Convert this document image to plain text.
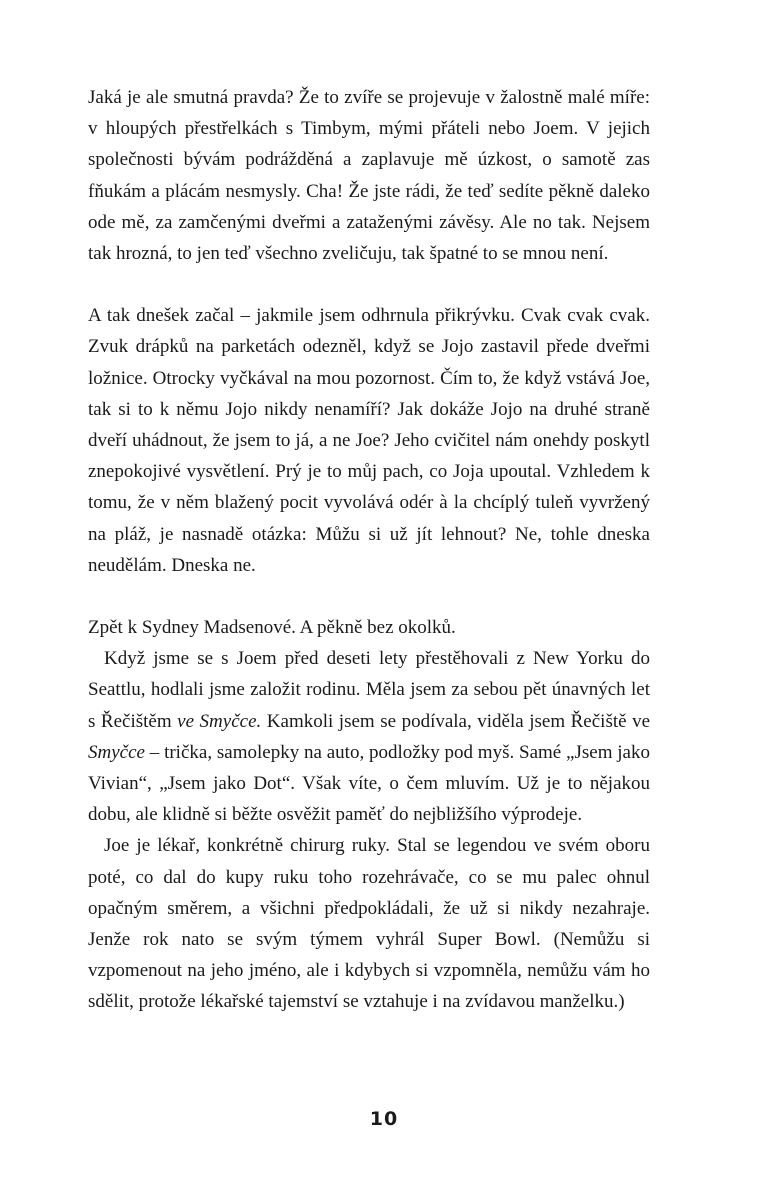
Jaká je ale smutná pravda? Že to zvíře se projevuje v žalostně malé míře: v hloupých přestřelkách s Timbym, mými přáteli nebo Joem. V jejich společnosti bývám podrážděná a zaplavuje mě úzkost, o samotě zas fňukám a plácám nesmysly. Cha! Že jste rádi, že teď sedíte pěkně daleko ode mě, za zamčenými dveřmi a zataženými závěsy. Ale no tak. Nejsem tak hrozná, to jen teď všechno zveličuju, tak špatné to se mnou není.

A tak dnešek začal – jakmile jsem odhrnula přikrývku. Cvak cvak cvak. Zvuk drápků na parketách odezněl, když se Jojo zastavil přede dveřmi ložnice. Otrocky vyčkával na mou pozornost. Čím to, že když vstává Joe, tak si to k němu Jojo nikdy nenamíří? Jak dokáže Jojo na druhé straně dveří uhádnout, že jsem to já, a ne Joe? Jeho cvičitel nám onehdy poskytl znepokojivé vysvětlení. Prý je to můj pach, co Joja upoutal. Vzhledem k tomu, že v něm blažený pocit vyvolává odér à la chcíplý tuleň vyvržený na pláž, je nasnadě otázka: Můžu si už jít lehnout? Ne, tohle dneska neudělám. Dneska ne.

Zpět k Sydney Madsenové. A pěkně bez okolků.

Když jsme se s Joem před deseti lety přestěhovali z New Yorku do Seattlu, hodlali jsme založit rodinu. Měla jsem za sebou pět únavných let s Řečištěm ve Smyčce. Kamkoli jsem se podívala, viděla jsem Řečiště ve Smyčce – trička, samolepky na auto, podložky pod myš. Samé „Jsem jako Vivian“, „Jsem jako Dot“. Však víte, o čem mluvím. Už je to nějakou dobu, ale klidně si běžte osvěžit paměť do nejbližšího výprodeje.

Joe je lékař, konkrétně chirurg ruky. Stal se legendou ve svém oboru poté, co dal do kupy ruku toho rozehrávače, co se mu palec ohnul opačným směrem, a všichni předpokládali, že už si nikdy nezahraje. Jenže rok nato se svým týmem vyhrál Super Bowl. (Nemůžu si vzpomenout na jeho jméno, ale i kdybych si vzpomněla, nemůžu vám ho sdělit, protože lékařské tajemství se vztahuje i na zvídavou manželku.)

10
